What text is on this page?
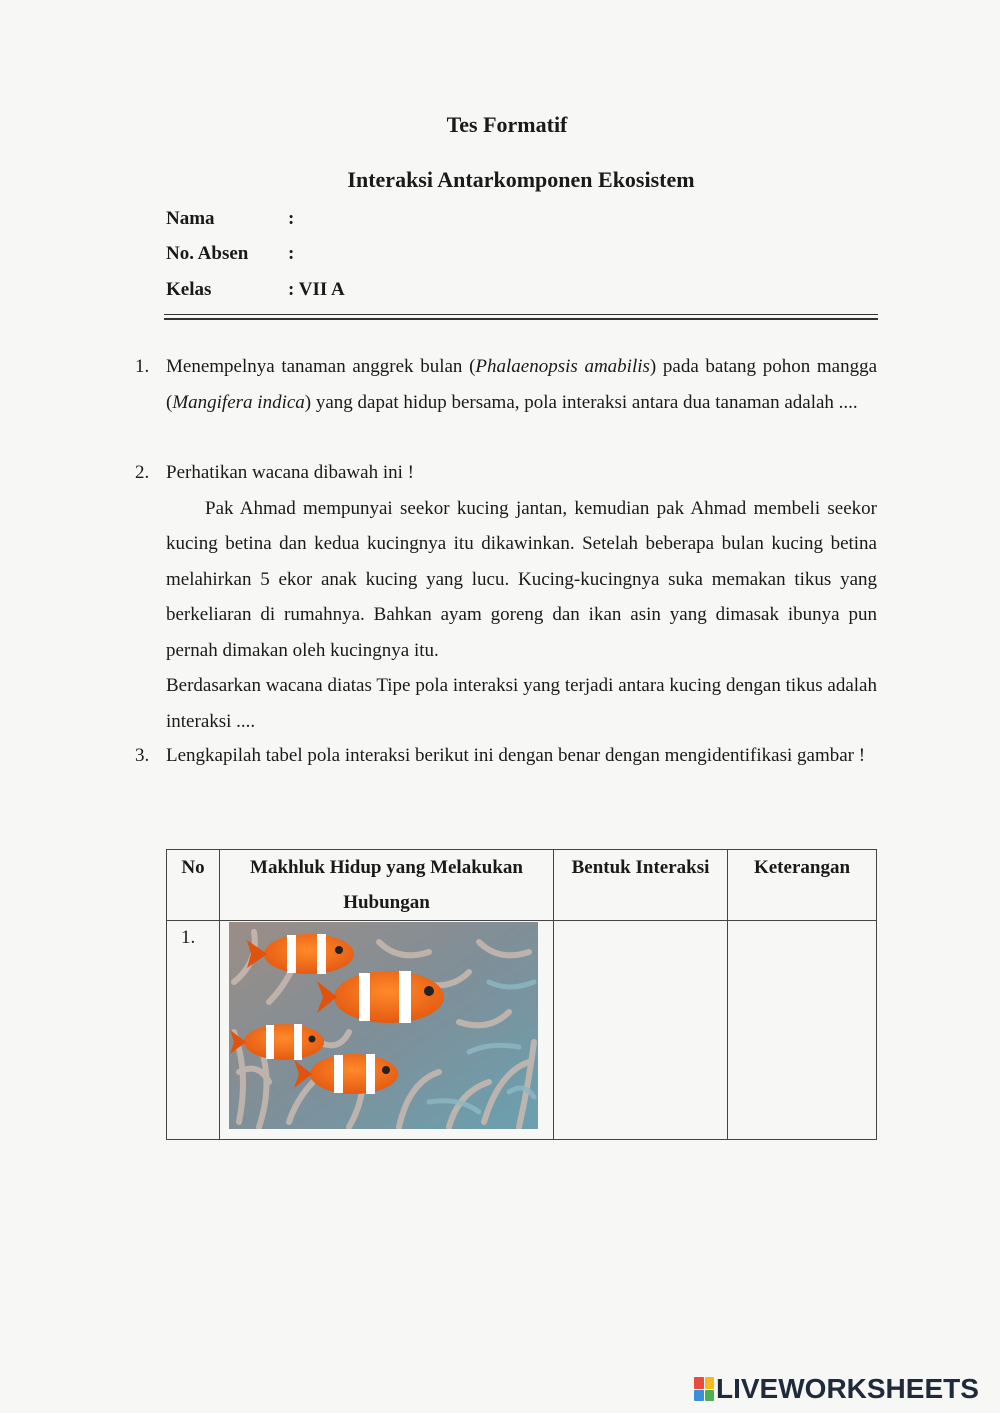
Tes Formatif
Interaksi Antarkomponen Ekosistem
Nama	:
No. Absen :
Kelas	: VII A
1. Menempelnya tanaman anggrek bulan (Phalaenopsis amabilis) pada batang pohon mangga (Mangifera indica) yang dapat hidup bersama, pola interaksi antara dua tanaman adalah ....
2. Perhatikan wacana dibawah ini !
Pak Ahmad mempunyai seekor kucing jantan, kemudian pak Ahmad membeli seekor kucing betina dan kedua kucingnya itu dikawinkan. Setelah beberapa bulan kucing betina melahirkan 5 ekor anak kucing yang lucu. Kucing-kucingnya suka memakan tikus yang berkeliaran di rumahnya. Bahkan ayam goreng dan ikan asin yang dimasak ibunya pun pernah dimakan oleh kucingnya itu.
Berdasarkan wacana diatas Tipe pola interaksi yang terjadi antara kucing dengan tikus adalah interaksi ....
3. Lengkapilah tabel pola interaksi berikut ini dengan benar dengan mengidentifikasi gambar !
No	Makhluk Hidup yang Melakukan Hubungan	Bentuk Interaksi	Keterangan
1.	

LIVEWORKSHEETS
